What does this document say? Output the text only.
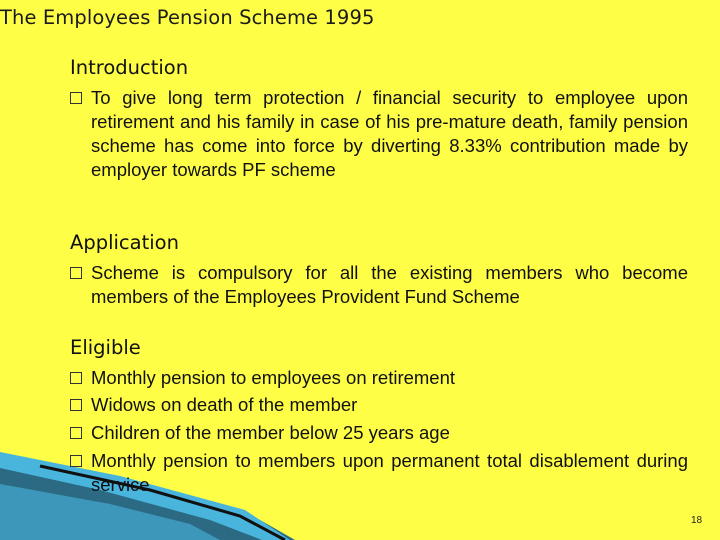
The Employees Pension Scheme 1995
Introduction
To give long term protection / financial security to employee upon retirement and his family in case of his pre-mature death, family pension scheme has come into force by diverting 8.33% contribution made by employer towards PF scheme
Application
Scheme is compulsory for all the existing members who become members of the Employees Provident Fund Scheme
Eligible
Monthly pension to employees on retirement
Widows on death of the member
Children of the member below 25 years age
Monthly pension to members upon permanent total disablement during service
18
